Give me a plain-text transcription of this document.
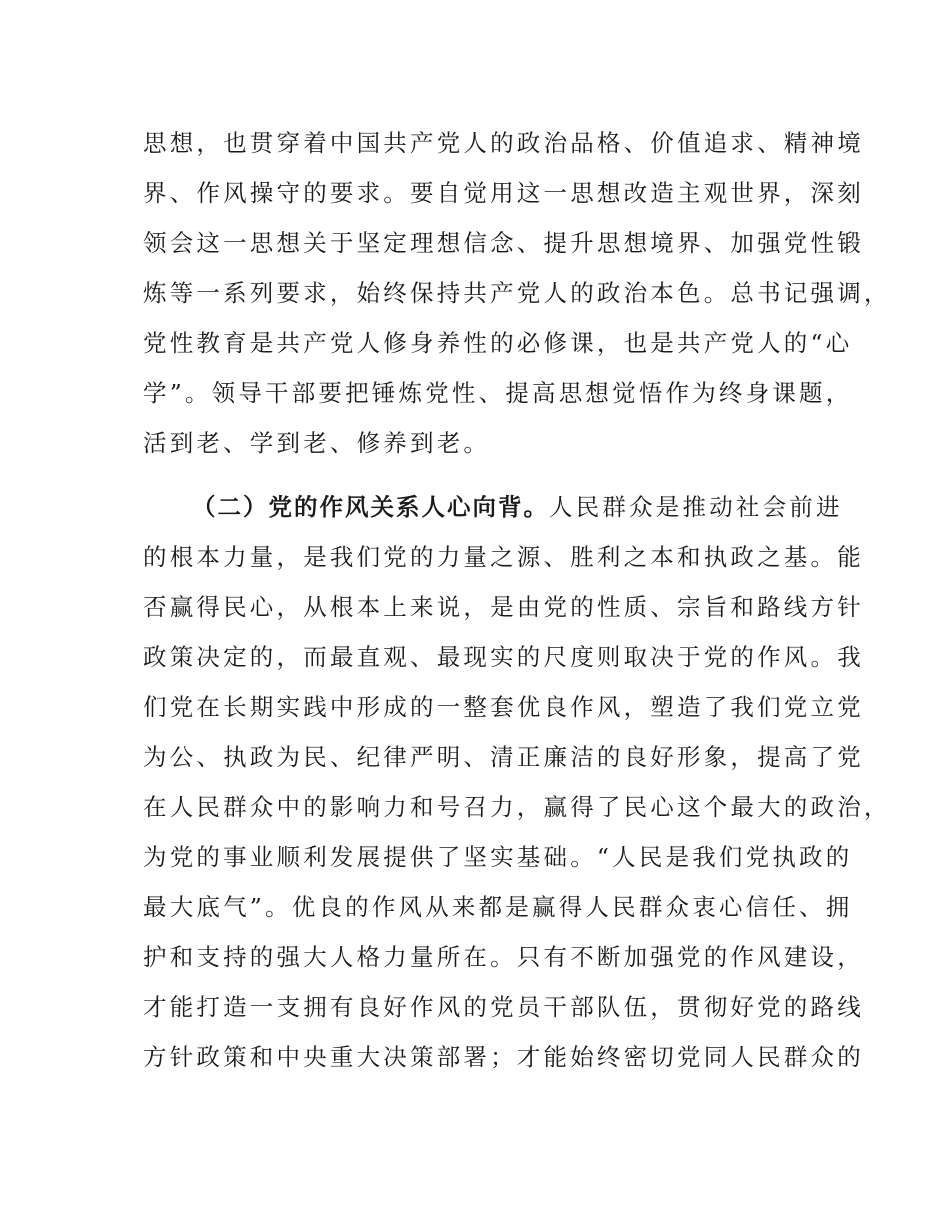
思想，也贯穿着中国共产党人的政治品格、价值追求、精神境
界、作风操守的要求。要自觉用这一思想改造主观世界，深刻
领会这一思想关于坚定理想信念、提升思想境界、加强党性锻
炼等一系列要求，始终保持共产党人的政治本色。总书记强调，
党性教育是共产党人修身养性的必修课，也是共产党人的“心
学”。领导干部要把锤炼党性、提高思想觉悟作为终身课题，
活到老、学到老、修养到老。
（二）党的作风关系人心向背。人民群众是推动社会前进
的根本力量，是我们党的力量之源、胜利之本和执政之基。能
否赢得民心，从根本上来说，是由党的性质、宗旨和路线方针
政策决定的，而最直观、最现实的尺度则取决于党的作风。我
们党在长期实践中形成的一整套优良作风，塑造了我们党立党
为公、执政为民、纪律严明、清正廉洁的良好形象，提高了党
在人民群众中的影响力和号召力，赢得了民心这个最大的政治，
为党的事业顺利发展提供了坚实基础。“人民是我们党执政的
最大底气”。优良的作风从来都是赢得人民群众衷心信任、拥
护和支持的强大人格力量所在。只有不断加强党的作风建设，
才能打造一支拥有良好作风的党员干部队伍，贯彻好党的路线
方针政策和中央重大决策部署；才能始终密切党同人民群众的
